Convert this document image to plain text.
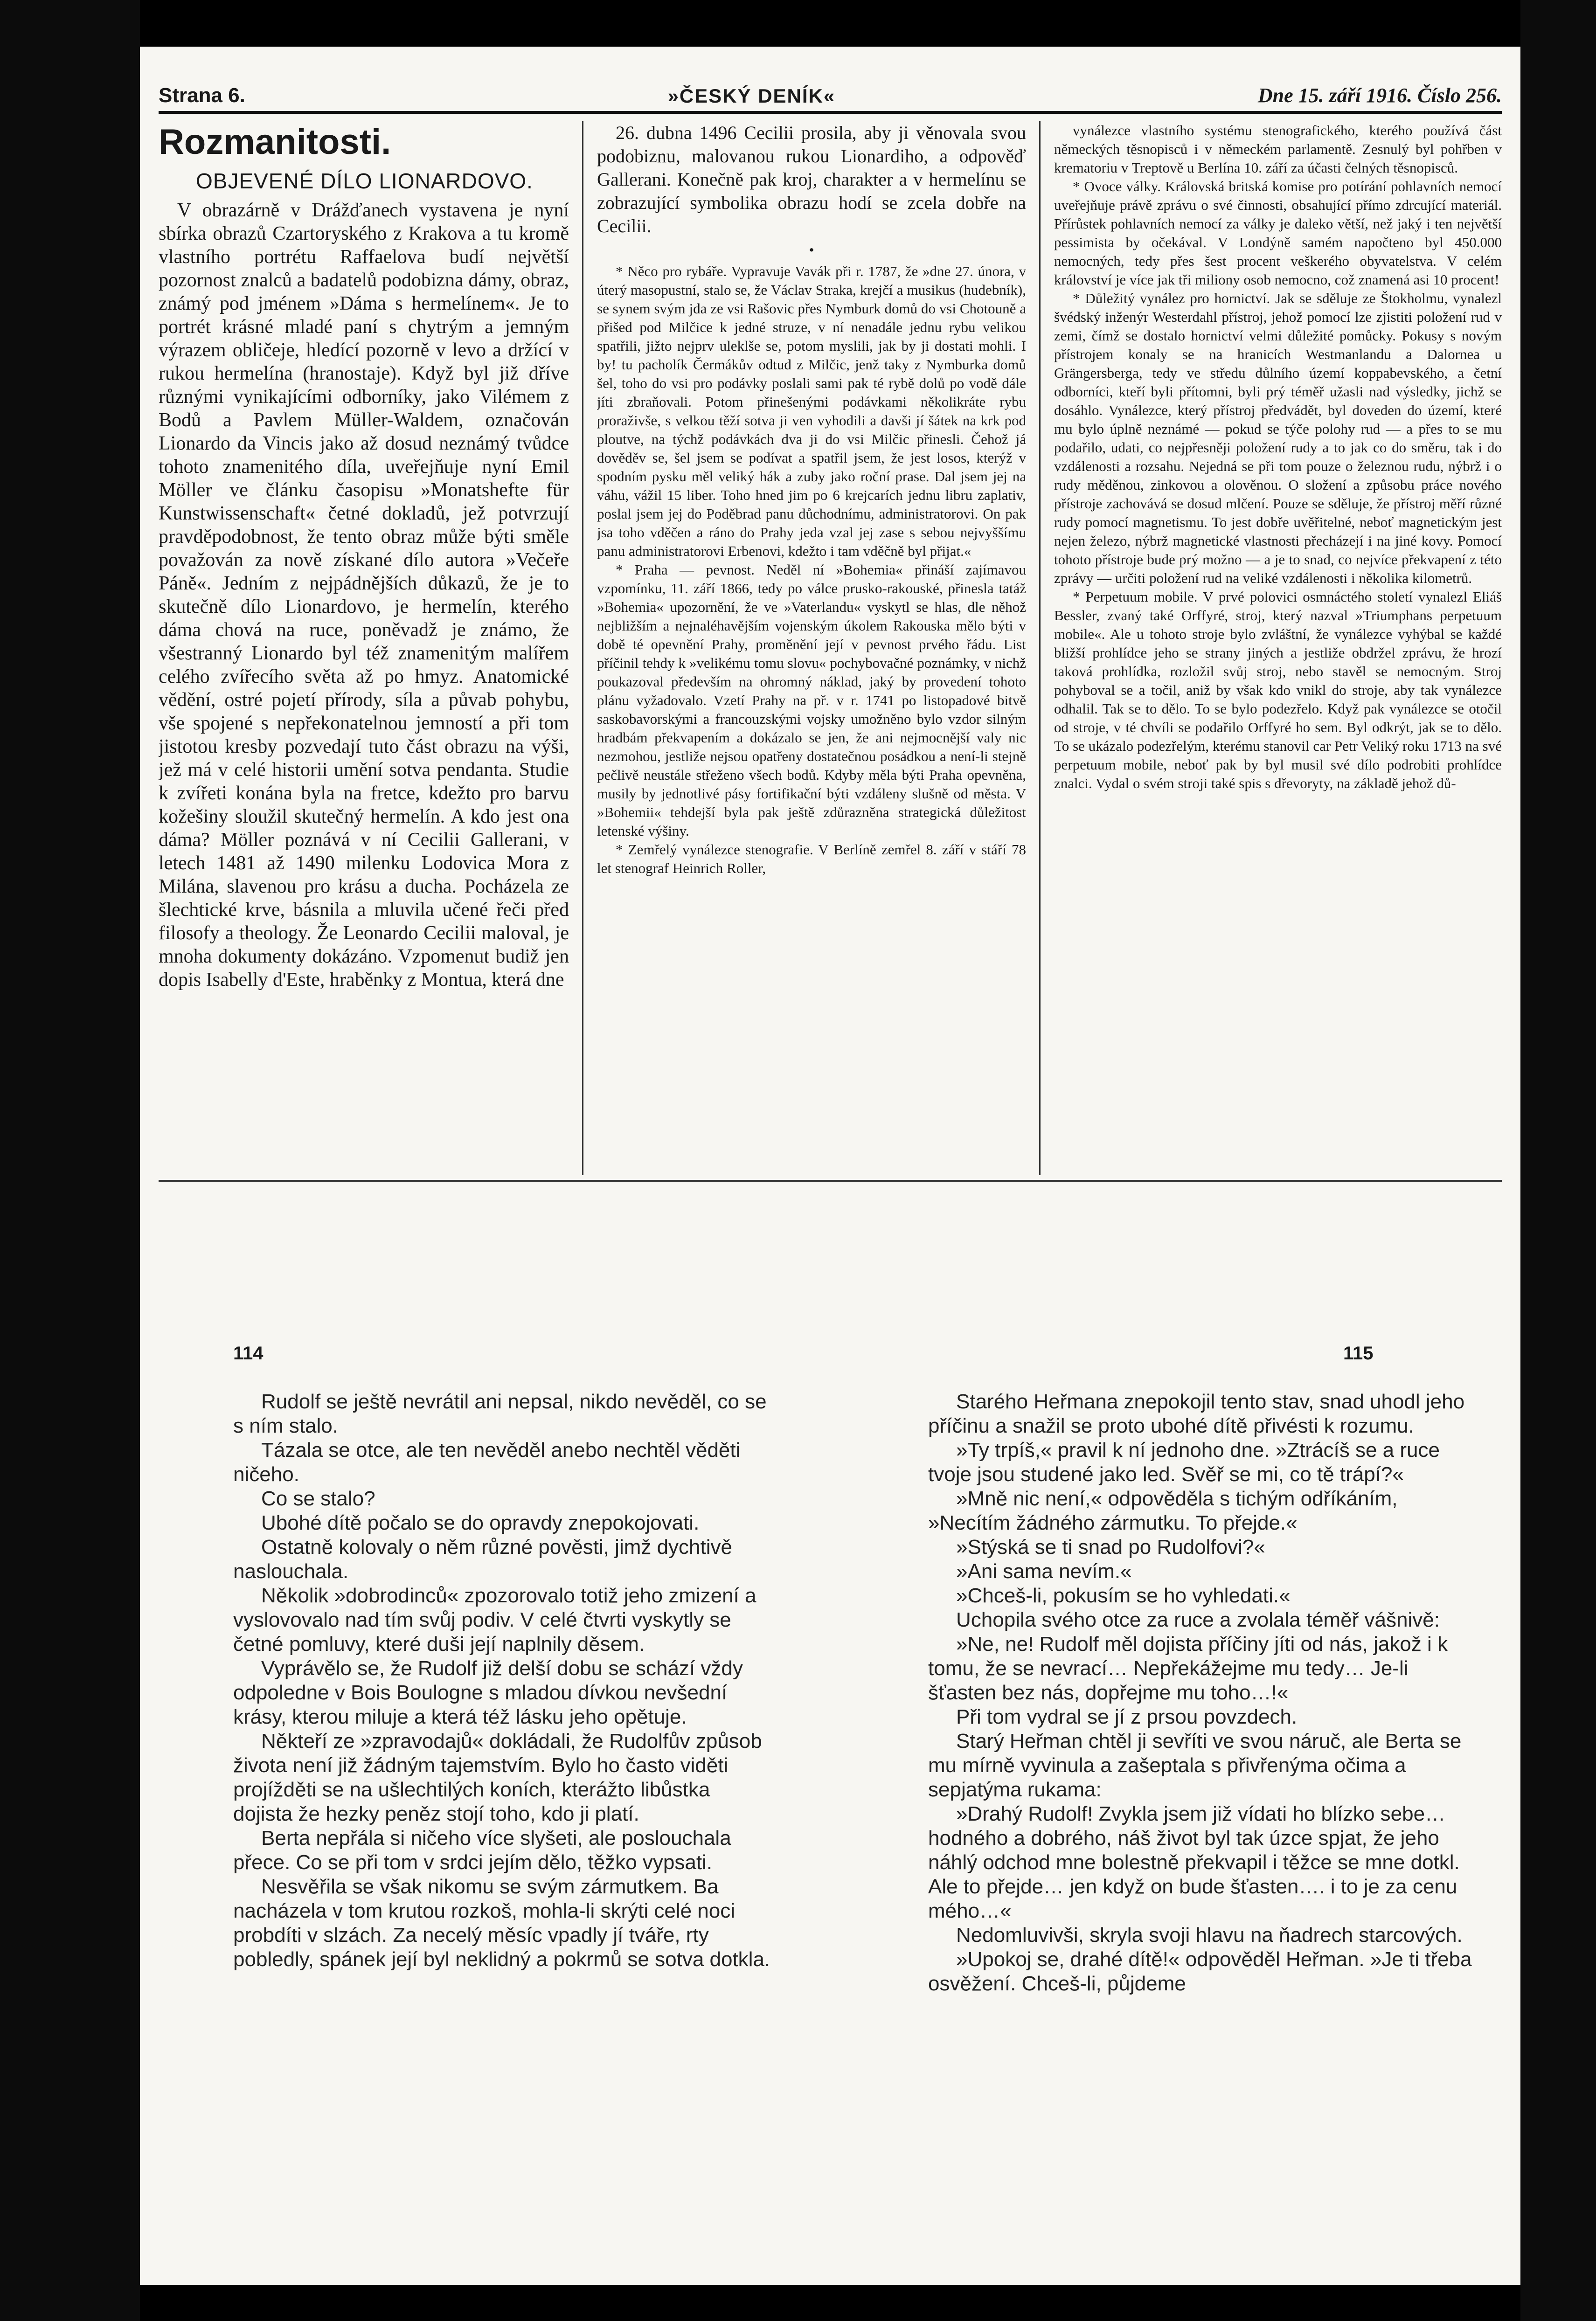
Strana 6.	»ČESKÝ DENÍK«	Dne 15. září 1916. Číslo 256.
Rozmanitosti.
OBJEVENÉ DÍLO LIONARDOVO.

V obrazárně v Drážďanech vystavena je nyní sbírka obrazů Czartoryského z Krakova a tu kromě vlastního portrétu Raffaelova budí největší pozornost znalců a badatelů podobizna dámy, obraz, známý pod jménem »Dáma s hermelínem«. Je to portrét krásné mladé paní s chytrým a jemným výrazem obličeje, hledící pozorně v levo a držící v rukou hermelína (hranostaje). Když byl již dříve různými vynikajícími odborníky, jako Vilémem z Bodů a Pavlem Müller-Waldem, označován Lionardo da Vincis jako až dosud neznámý tvůdce tohoto znamenitého díla, uveřejňuje nyní Emil Möller ve článku časopisu »Monatshefte für Kunstwissenschaft« četné dokladů, jež potvrzují pravděpodobnost, že tento obraz může býti směle považován za nově získané dílo autora »Večeře Páně«. Jedním z nejpádnějších důkazů, že je to skutečně dílo Lionardovo, je hermelín, kterého dáma chová na ruce, poněvadž je známo, že všestranný Lionardo byl též znamenitým malířem celého zvířecího světa až po hmyz. Anatomické vědění, ostré pojetí přírody, síla a půvab pohybu, vše spojené s nepřekonatelnou jemností a při tom jistotou kresby pozvedají tuto část obrazu na výši, jež má v celé historii umění sotva pendanta. Studie k zvířeti konána byla na fretce, kdežto pro barvu kožešiny sloužil skutečný hermelín. A kdo jest ona dáma? Möller poznává v ní Cecilii Gallerani, v letech 1481 až 1490 milenku Lodovica Mora z Milána, slavenou pro krásu a ducha. Pocházela ze šlechtické krve, básnila a mluvila učené řeči před filosofy a theology. Že Leonardo Cecilii maloval, je mnoha dokumenty dokázáno. Vzpomenut budiž jen dopis Isabelly d'Este, hraběnky z Montua, která dne

26. dubna 1496 Cecilii prosila, aby ji věnovala svou podobiznu, malovanou rukou Lionardiho, a odpověď Gallerani. Konečně pak kroj, charakter a v hermelínu se zobrazující symbolika obrazu hodí se zcela dobře na Cecilii.

•

* Něco pro rybáře. Vypravuje Vavák při r. 1787, že »dne 27. února, v úterý masopustní, stalo se, že Václav Straka, krejčí a musikus (hudebník), se synem svým jda ze vsi Rašovic přes Nymburk domů do vsi Chotouně a přišed pod Milčice k jedné struze, v ní nenadále jednu rybu velikou spatřili, jižto nejprv uleklše se, potom myslili, jak by ji dostati mohli. I by! tu pacholík Čermákův odtud z Milčic, jenž taky z Nymburka domů šel, toho do vsi pro podávky poslali sami pak té rybě dolů po vodě dále jíti zbraňovali. Potom přinešenými podávkami několikráte rybu proraživše, s velkou těží sotva ji ven vyhodili a davši jí šátek na krk pod ploutve, na týchž podávkách dva ji do vsi Milčic přinesli. Čehož já dověděv se, šel jsem se podívat a spatřil jsem, že jest losos, kterýž v spodním pysku měl veliký hák a zuby jako roční prase. Dal jsem jej na váhu, vážil 15 liber. Toho hned jim po 6 krejcarích jednu libru zaplativ, poslal jsem jej do Poděbrad panu důchodnímu, administratorovi. On pak jsa toho vděčen a ráno do Prahy jeda vzal jej zase s sebou nejvyššímu panu administratorovi Erbenovi, kdežto i tam vděčně byl přijat.«

* Praha — pevnost. Neděl ní »Bohemia« přináší zajímavou vzpomínku, 11. září 1866, tedy po válce prusko-rakouské, přinesla tatáž »Bohemia« upozornění, že ve »Vaterlandu« vyskytl se hlas, dle něhož nejbližším a nejnaléhavějším vojenským úkolem Rakouska mělo býti v době té opevnění Prahy, proměnění její v pevnost prvého řádu. List příčinil tehdy k »velikému tomu slovu« pochybovačné poznámky, v nichž poukazoval především na ohromný náklad, jaký by provedení tohoto plánu vyžadovalo. Vzetí Prahy na př. v r. 1741 po listopadové bitvě saskobavorskými a francouzskými vojsky umožněno bylo vzdor silným hradbám překvapením a dokázalo se jen, že ani nejmocnější valy nic nezmohou, jestliže nejsou opatřeny dostatečnou posádkou a není-li stejně pečlivě neustále střeženo všech bodů. Kdyby měla býti Praha opevněna, musily by jednotlivé pásy fortifikační býti vzdáleny slušně od města. V »Bohemii« tehdejší byla pak ještě zdůrazněna strategická důležitost letenské výšiny.

* Zemřelý vynálezce stenografie. V Berlíně zemřel 8. září v stáří 78 let stenograf Heinrich Roller,

vynálezce vlastního systému stenografického, kterého používá část německých těsnopisců i v německém parlamentě. Zesnulý byl pohřben v krematoriu v Treptově u Berlína 10. září za účasti čelných těsnopisců.

* Ovoce války. Královská britská komise pro potírání pohlavních nemocí uveřejňuje právě zprávu o své činnosti, obsahující přímo zdrcující materiál. Přírůstek pohlavních nemocí za války je daleko větší, než jaký i ten největší pessimista by očekával. V Londýně samém napočteno byl 450.000 nemocných, tedy přes šest procent veškerého obyvatelstva. V celém království je více jak tři miliony osob nemocno, což znamená asi 10 procent!

* Důležitý vynález pro hornictví. Jak se sděluje ze Štokholmu, vynalezl švédský inženýr Westerdahl přístroj, jehož pomocí lze zjistiti položení rud v zemi, čímž se dostalo hornictví velmi důležité pomůcky. Pokusy s novým přístrojem konaly se na hranicích Westmanlandu a Dalornea u Grängersberga, tedy ve středu důlního území koppabevského, a četní odborníci, kteří byli přítomni, byli prý téměř užasli nad výsledky, jichž se dosáhlo. Vynálezce, který přístroj předvádět, byl doveden do území, které mu bylo úplně neznámé — pokud se týče polohy rud — a přes to se mu podařilo, udati, co nejpřesněji položení rudy a to jak co do směru, tak i do vzdálenosti a rozsahu. Nejedná se při tom pouze o železnou rudu, nýbrž i o rudy měděnou, zinkovou a olověnou. O složení a způsobu práce nového přístroje zachovává se dosud mlčení. Pouze se sděluje, že přístroj měří různé rudy pomocí magnetismu. To jest dobře uvěřitelné, neboť magnetickým jest nejen železo, nýbrž magnetické vlastnosti přecházejí i na jiné kovy. Pomocí tohoto přístroje bude prý možno — a je to snad, co nejvíce překvapení z této zprávy — určiti položení rud na veliké vzdálenosti i několika kilometrů.

* Perpetuum mobile. V prvé polovici osmnáctého století vynalezl Eliáš Bessler, zvaný také Orffyré, stroj, který nazval »Triumphans perpetuum mobile«. Ale u tohoto stroje bylo zvláštní, že vynálezce vyhýbal se každé bližší prohlídce jeho se strany jiných a jestliže obdržel zprávu, že hrozí taková prohlídka, rozložil svůj stroj, nebo stavěl se nemocným. Stroj pohyboval se a točil, aniž by však kdo vnikl do stroje, aby tak vynálezce odhalil. Tak se to dělo. To se bylo podezřelo. Když pak vynálezce se otočil od stroje, v té chvíli se podařilo Orffyré ho sem. Byl odkrýt, jak se to dělo. To se ukázalo podezřelým, kterému stanovil car Petr Veliký roku 1713 na své perpetuum mobile, neboť pak by byl musil své dílo podrobiti prohlídce znalci. Vydal o svém stroji také spis s dřevoryty, na základě jehož dů-

114	115

Rudolf se ještě nevrátil ani nepsal, nikdo nevěděl, co se s ním stalo.

Tázala se otce, ale ten nevěděl anebo nechtěl věděti ničeho.

Co se stalo?

Ubohé dítě počalo se do opravdy znepokojovati.

Ostatně kolovaly o něm různé pověsti, jimž dychtivě naslouchala.

Několik »dobrodinců« zpozorovalo totiž jeho zmizení a vyslovovalo nad tím svůj podiv. V celé čtvrti vyskytly se četné pomluvy, které duši její naplnily děsem.

Vyprávělo se, že Rudolf již delší dobu se schází vždy odpoledne v Bois Boulogne s mladou dívkou nevšední krásy, kterou miluje a která též lásku jeho opětuje.

Někteří ze »zpravodajů« dokládali, že Rudolfův způsob života není již žádným tajemstvím. Bylo ho často viděti projížděti se na ušlechtilých koních, kterážto libůstka dojista že hezky peněz stojí toho, kdo ji platí.

Berta nepřála si ničeho více slyšeti, ale poslouchala přece. Co se při tom v srdci jejím dělo, těžko vypsati.

Nesvěřila se však nikomu se svým zármutkem. Ba nacházela v tom krutou rozkoš, mohla-li skrýti celé noci probdíti v slzách. Za necelý měsíc vpadly jí tváře, rty pobledly, spánek její byl neklidný a pokrmů se sotva dotkla.

Starého Heřmana znepokojil tento stav, snad uhodl jeho příčinu a snažil se proto ubohé dítě přivésti k rozumu.

»Ty trpíš,« pravil k ní jednoho dne. »Ztrácíš se a ruce tvoje jsou studené jako led. Svěř se mi, co tě trápí?«

»Mně nic není,« odpověděla s tichým odříkáním, »Necítím žádného zármutku. To přejde.«

»Stýská se ti snad po Rudolfovi?«

»Ani sama nevím.«

»Chceš-li, pokusím se ho vyhledati.«

Uchopila svého otce za ruce a zvolala téměř vášnivě:

»Ne, ne! Rudolf měl dojista příčiny jíti od nás, jakož i k tomu, že se nevrací… Nepřekážejme mu tedy… Je-li šťasten bez nás, dopřejme mu toho…!«

Při tom vydral se jí z prsou povzdech.

Starý Heřman chtěl ji sevříti ve svou náruč, ale Berta se mu mírně vyvinula a zašeptala s přivřenýma očima a sepjatýma rukama:

»Drahý Rudolf! Zvykla jsem již vídati ho blízko sebe… hodného a dobrého, náš život byl tak úzce spjat, že jeho náhlý odchod mne bolestně překvapil i těžce se mne dotkl. Ale to přejde… jen když on bude šťasten…. i to je za cenu mého…«

Nedomluvivši, skryla svoji hlavu na ňadrech starcových.

»Upokoj se, drahé dítě!« odpověděl Heřman. »Je ti třeba osvěžení. Chceš-li, půjdeme
